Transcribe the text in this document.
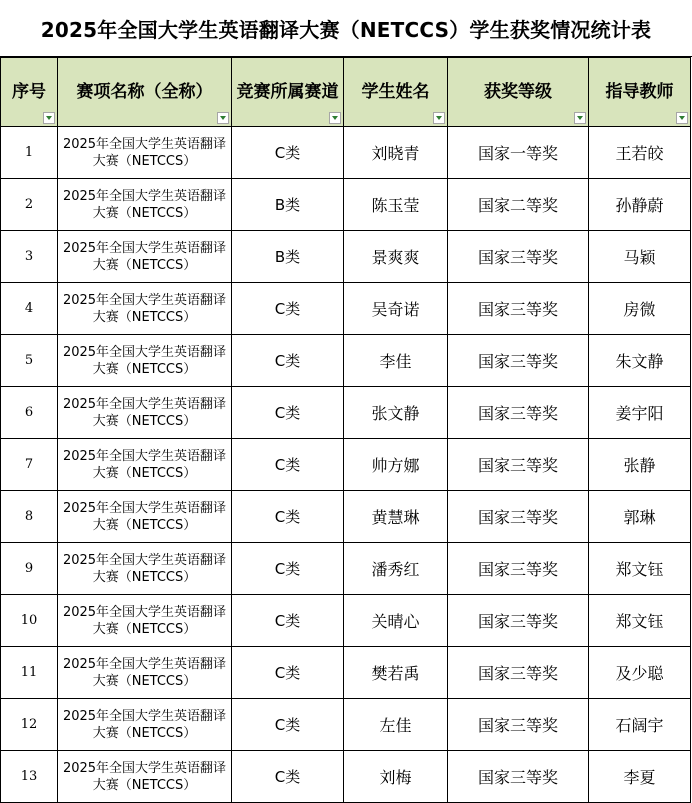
2025年全国大学生英语翻译大赛（NETCCS）学生获奖情况统计表
序号	赛项名称（全称）	竞赛所属赛道	学生姓名	获奖等级	指导教师

1	2025年全国大学生英语翻译大赛（NETCCS）	C类	刘晓青	国家一等奖	王若皎
2	2025年全国大学生英语翻译大赛（NETCCS）	B类	陈玉莹	国家二等奖	孙静蔚
3	2025年全国大学生英语翻译大赛（NETCCS）	B类	景爽爽	国家三等奖	马颖
4	2025年全国大学生英语翻译大赛（NETCCS）	C类	吴奇诺	国家三等奖	房微
5	2025年全国大学生英语翻译大赛（NETCCS）	C类	李佳	国家三等奖	朱文静
6	2025年全国大学生英语翻译大赛（NETCCS）	C类	张文静	国家三等奖	姜宇阳
7	2025年全国大学生英语翻译大赛（NETCCS）	C类	帅方娜	国家三等奖	张静
8	2025年全国大学生英语翻译大赛（NETCCS）	C类	黄慧琳	国家三等奖	郭琳
9	2025年全国大学生英语翻译大赛（NETCCS）	C类	潘秀红	国家三等奖	郑文钰
10	2025年全国大学生英语翻译大赛（NETCCS）	C类	关晴心	国家三等奖	郑文钰
11	2025年全国大学生英语翻译大赛（NETCCS）	C类	樊若禹	国家三等奖	及少聪
12	2025年全国大学生英语翻译大赛（NETCCS）	C类	左佳	国家三等奖	石阔宇
13	2025年全国大学生英语翻译大赛（NETCCS）	C类	刘梅	国家三等奖	李夏
